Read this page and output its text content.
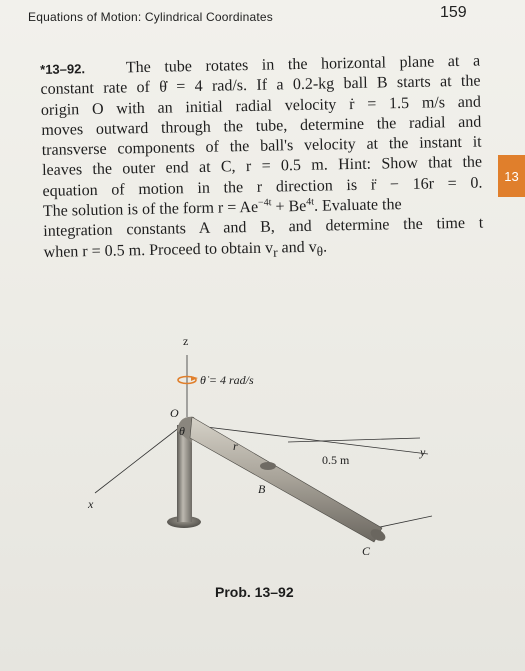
Equations of Motion: Cylindrical Coordinates	159
*13–92.	The tube rotates in the horizontal plane at a
constant rate of θ̇ = 4 rad/s. If a 0.2-kg ball B starts at the
origin O with an initial radial velocity ṙ = 1.5 m/s and
moves outward through the tube, determine the radial and
transverse components of the ball's velocity at the instant it
leaves the outer end at C, r = 0.5 m. Hint: Show that the
equation of motion in the r direction is r̈ − 16r = 0.
The solution is of the form $r = Ae^{-4t} + Be^{4t}$. Evaluate the
integration constants A and B, and determine the time t
when r = 0.5 m. Proceed to obtain $v_r$ and $v_\theta$.
13
z
θ̇ = 4 rad/s
x
y
0.5 m
O
θ
r
B
C
Prob. 13–92
